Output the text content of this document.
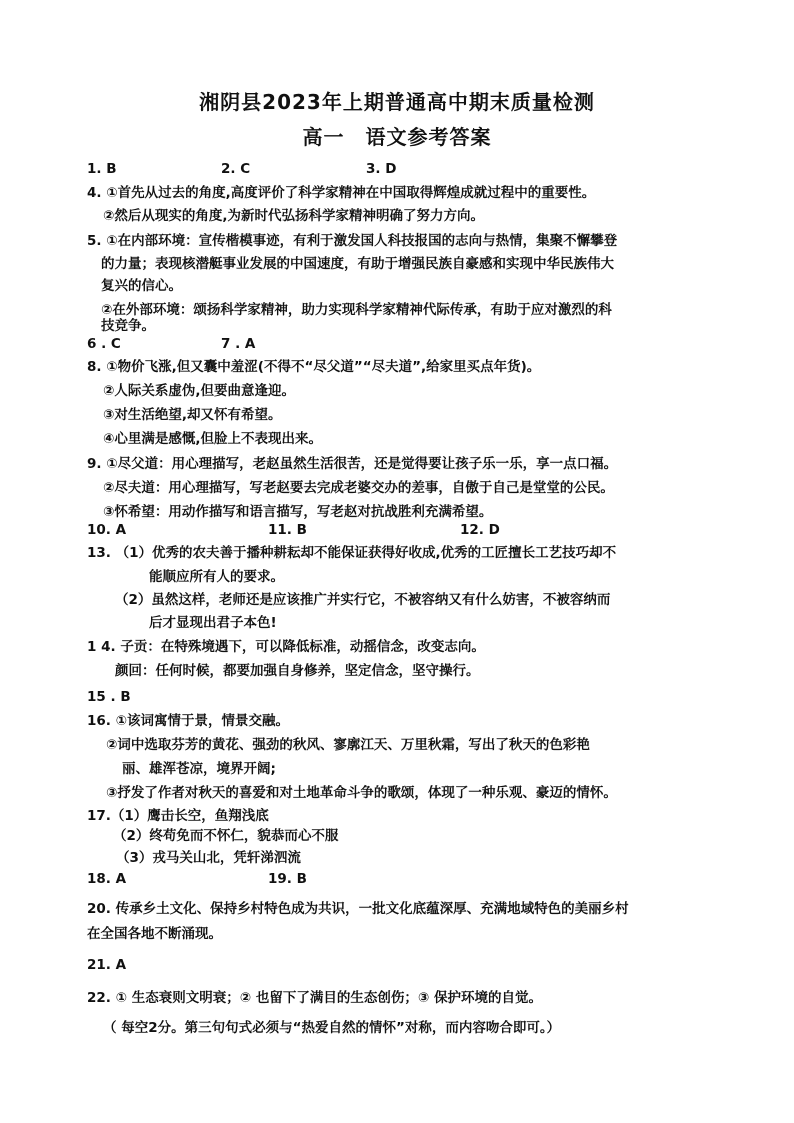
湘阴县2023年上期普通高中期末质量检测
高一　语文参考答案
1. B	2. C	3. D
4. ①首先从过去的角度,高度评价了科学家精神在中国取得辉煌成就过程中的重要性。
②然后从现实的角度,为新时代弘扬科学家精神明确了努力方向。
5. ①在内部环境：宣传楷模事迹，有利于激发国人科技报国的志向与热情，集聚不懈攀登
的力量；表现核潜艇事业发展的中国速度，有助于增强民族自豪感和实现中华民族伟大
复兴的信心。
②在外部环境：颂扬科学家精神，助力实现科学家精神代际传承，有助于应对激烈的科
技竞争。
6 . C	7 . A
8. ①物价飞涨,但又囊中羞涩(不得不“尽父道”“尽夫道”,给家里买点年货)。
②人际关系虚伪,但要曲意逢迎。
③对生活绝望,却又怀有希望。
④心里满是感慨,但脸上不表现出来。
9. ①尽父道：用心理描写，老赵虽然生活很苦，还是觉得要让孩子乐一乐，享一点口福。
②尽夫道：用心理描写，写老赵要去完成老婆交办的差事，自傲于自己是堂堂的公民。
③怀希望：用动作描写和语言描写，写老赵对抗战胜利充满希望。
10. A	11. B	12. D
13. （1）优秀的农夫善于播种耕耘却不能保证获得好收成,优秀的工匠擅长工艺技巧却不
能顺应所有人的要求。
（2）虽然这样，老师还是应该推广并实行它，不被容纳又有什么妨害，不被容纳而
后才显现出君子本色!
1 4. 子贡：在特殊境遇下，可以降低标准，动摇信念，改变志向。
颜回：任何时候，都要加强自身修养，坚定信念，坚守操行。
15 . B
16. ①该词寓情于景，情景交融。
②词中选取芬芳的黄花、强劲的秋风、寥廓江天、万里秋霜，写出了秋天的色彩艳
丽、雄浑苍凉，境界开阔;
③抒发了作者对秋天的喜爱和对土地革命斗争的歌颂，体现了一种乐观、豪迈的情怀。
17.（1）鹰击长空，鱼翔浅底
（2）终苟免而不怀仁，貌恭而心不服
（3）戎马关山北，凭轩涕泗流
18. A	19. B
20. 传承乡土文化、保持乡村特色成为共识，一批文化底蕴深厚、充满地域特色的美丽乡村
在全国各地不断涌现。
21. A
22. ① 生态衰则文明衰；② 也留下了满目的生态创伤；③ 保护环境的自觉。
（ 每空2分。第三句句式必须与“热爱自然的情怀”对称，而内容吻合即可。）
